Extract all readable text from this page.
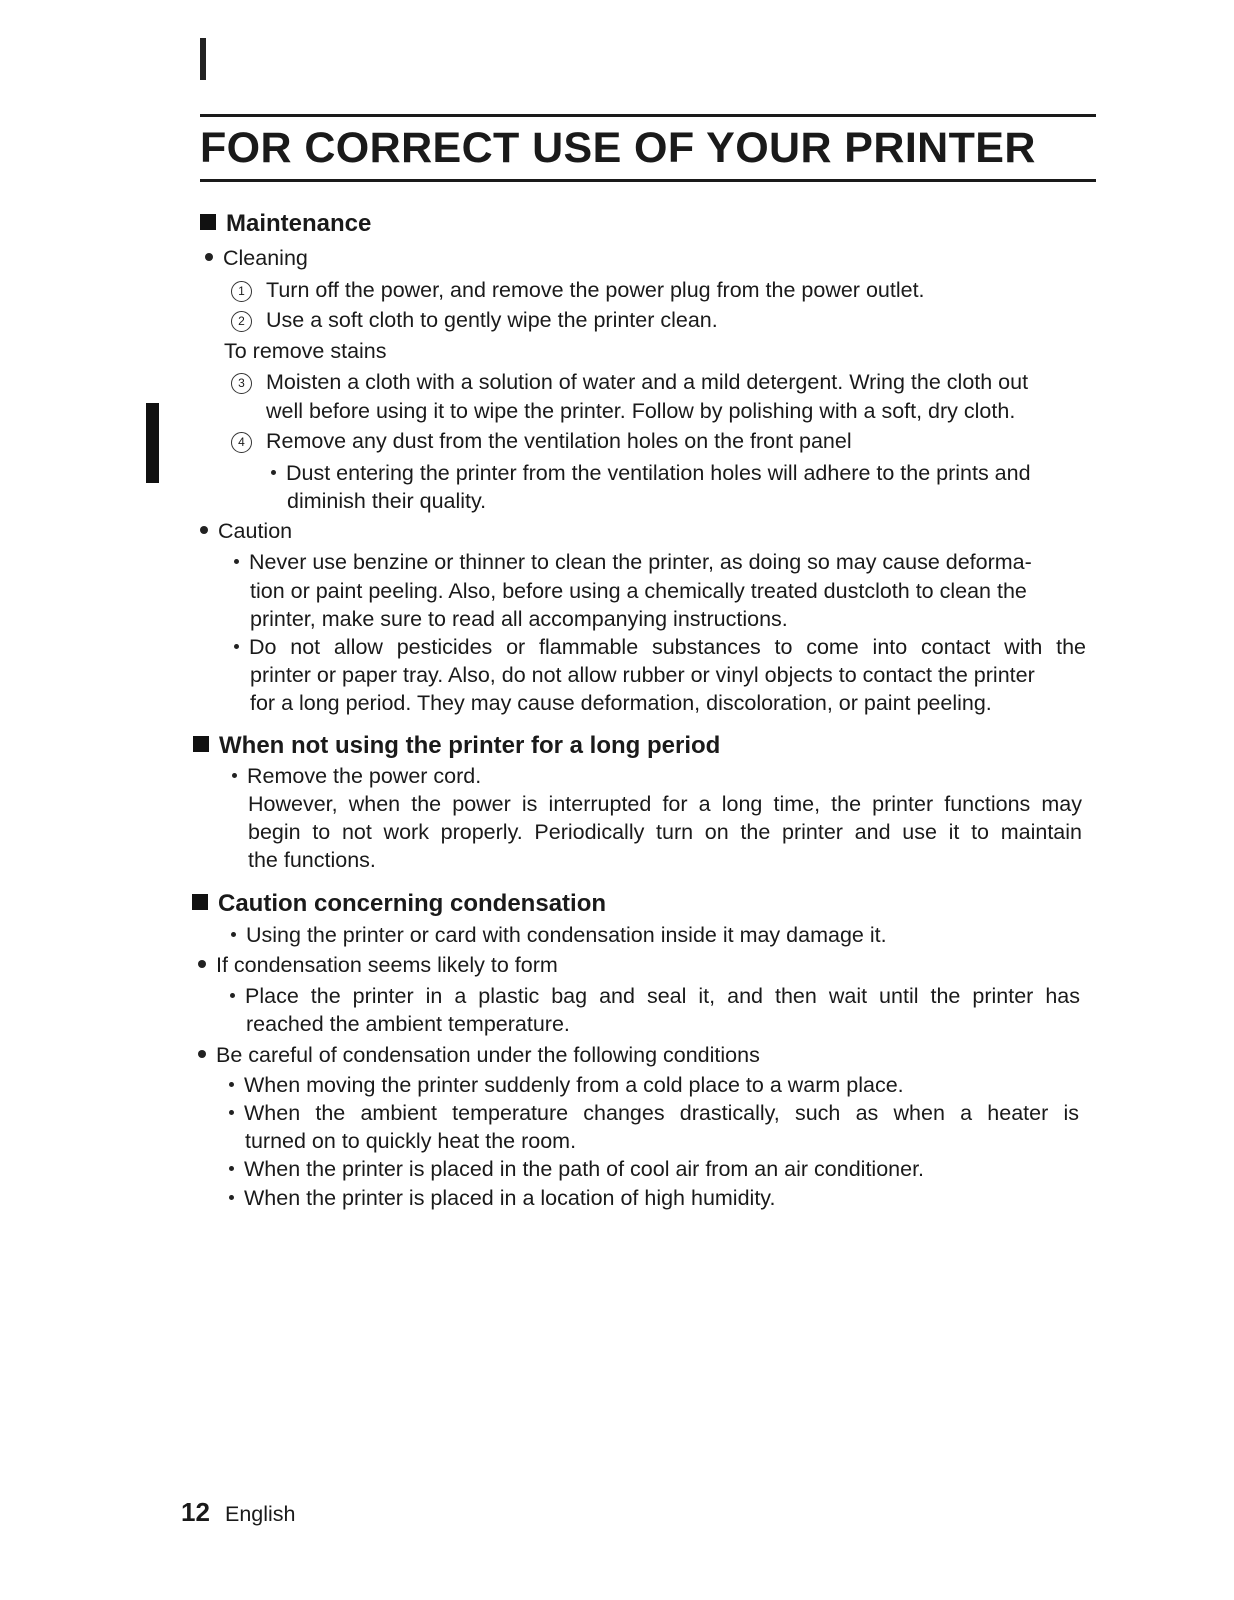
FOR CORRECT USE OF YOUR PRINTER
Maintenance
Cleaning
1 Turn off the power, and remove the power plug from the power outlet.
2 Use a soft cloth to gently wipe the printer clean.
To remove stains
3 Moisten a cloth with a solution of water and a mild detergent. Wring the cloth out
well before using it to wipe the printer. Follow by polishing with a soft, dry cloth.
4 Remove any dust from the ventilation holes on the front panel
Dust entering the printer from the ventilation holes will adhere to the prints and
diminish their quality.
Caution
Never use benzine or thinner to clean the printer, as doing so may cause deforma-
tion or paint peeling. Also, before using a chemically treated dustcloth to clean the
printer, make sure to read all accompanying instructions.
Do not allow pesticides or flammable substances to come into contact with the
printer or paper tray. Also, do not allow rubber or vinyl objects to contact the printer
for a long period. They may cause deformation, discoloration, or paint peeling.
When not using the printer for a long period
Remove the power cord.
However, when the power is interrupted for a long time, the printer functions may
begin to not work properly. Periodically turn on the printer and use it to maintain
the functions.
Caution concerning condensation
Using the printer or card with condensation inside it may damage it.
If condensation seems likely to form
Place the printer in a plastic bag and seal it, and then wait until the printer has
reached the ambient temperature.
Be careful of condensation under the following conditions
When moving the printer suddenly from a cold place to a warm place.
When the ambient temperature changes drastically, such as when a heater is
turned on to quickly heat the room.
When the printer is placed in the path of cool air from an air conditioner.
When the printer is placed in a location of high humidity.
12 English
